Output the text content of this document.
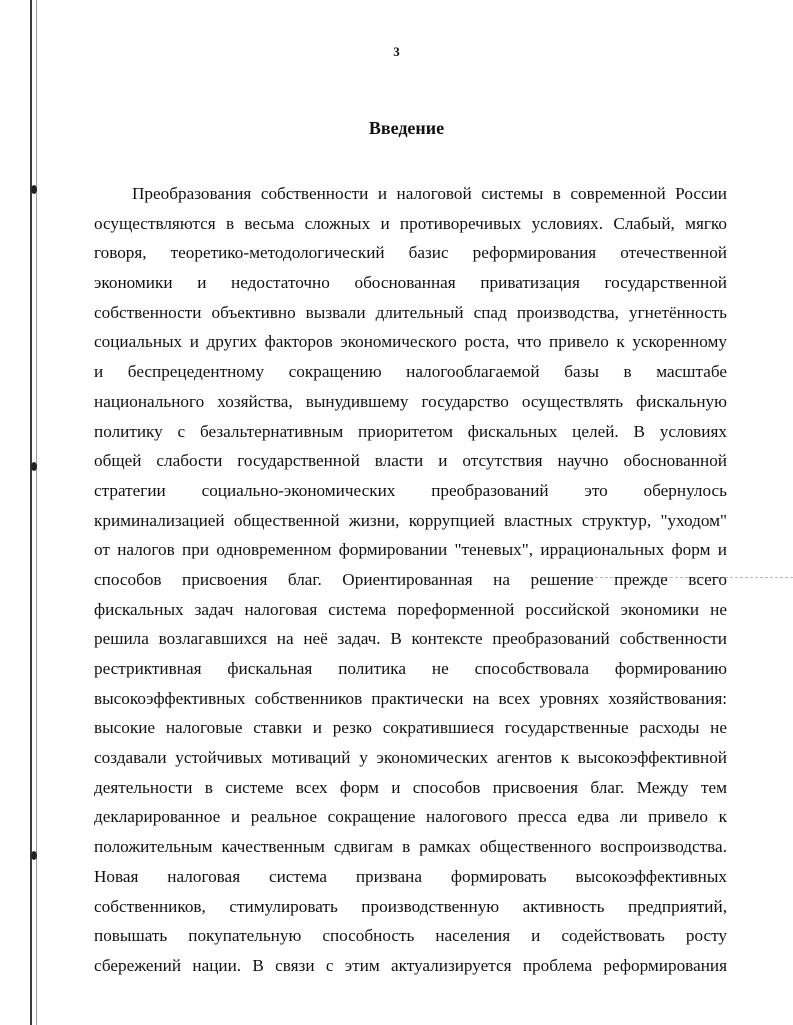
3
Введение
Преобразования собственности и налоговой системы в современной России
осуществляются в весьма сложных и противоречивых условиях. Слабый, мягко
говоря, теоретико-методологический базис реформирования отечественной
экономики и недостаточно обоснованная приватизация государственной
собственности объективно вызвали длительный спад производства, угнетённость
социальных и других факторов экономического роста, что привело к ускоренному
и беспрецедентному сокращению налогооблагаемой базы в масштабе
национального хозяйства, вынудившему государство осуществлять фискальную
политику с безальтернативным приоритетом фискальных целей. В условиях
общей слабости государственной власти и отсутствия научно обоснованной
стратегии социально-экономических преобразований это обернулось
криминализацией общественной жизни, коррупцией властных структур, "уходом"
от налогов при одновременном формировании "теневых", иррациональных форм и
способов присвоения благ. Ориентированная на решение прежде всего
фискальных задач налоговая система пореформенной российской экономики не
решила возлагавшихся на неё задач. В контексте преобразований собственности
рестриктивная фискальная политика не способствовала формированию
высокоэффективных собственников практически на всех уровнях хозяйствования:
высокие налоговые ставки и резко сократившиеся государственные расходы не
создавали устойчивых мотиваций у экономических агентов к высокоэффективной
деятельности в системе всех форм и способов присвоения благ. Между тем
декларированное и реальное сокращение налогового пресса едва ли привело к
положительным качественным сдвигам в рамках общественного воспроизводства.
Новая налоговая система призвана формировать высокоэффективных
собственников, стимулировать производственную активность предприятий,
повышать покупательную способность населения и содействовать росту
сбережений нации. В связи с этим актуализируется проблема реформирования
